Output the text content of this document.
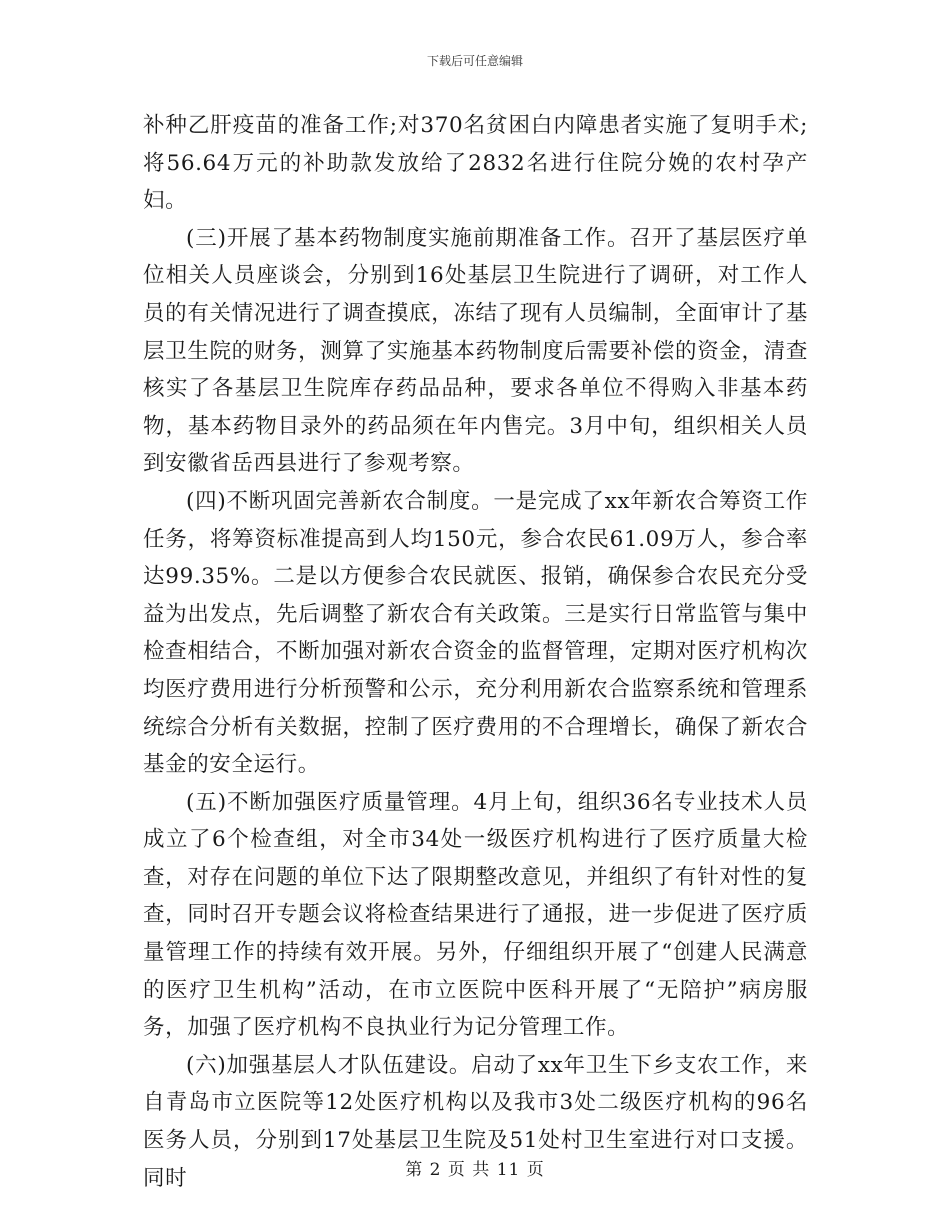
下载后可任意编辑

补种乙肝疫苗的准备工作;对370名贫困白内障患者实施了复明手术;将56.64万元的补助款发放给了2832名进行住院分娩的农村孕产妇。

(三)开展了基本药物制度实施前期准备工作。召开了基层医疗单位相关人员座谈会，分别到16处基层卫生院进行了调研，对工作人员的有关情况进行了调查摸底，冻结了现有人员编制，全面审计了基层卫生院的财务，测算了实施基本药物制度后需要补偿的资金，清查核实了各基层卫生院库存药品品种，要求各单位不得购入非基本药物，基本药物目录外的药品须在年内售完。3月中旬，组织相关人员到安徽省岳西县进行了参观考察。

(四)不断巩固完善新农合制度。一是完成了xx年新农合筹资工作任务，将筹资标准提高到人均150元，参合农民61.09万人，参合率达99.35%。二是以方便参合农民就医、报销，确保参合农民充分受益为出发点，先后调整了新农合有关政策。三是实行日常监管与集中检查相结合，不断加强对新农合资金的监督管理，定期对医疗机构次均医疗费用进行分析预警和公示，充分利用新农合监察系统和管理系统综合分析有关数据，控制了医疗费用的不合理增长，确保了新农合基金的安全运行。

(五)不断加强医疗质量管理。4月上旬，组织36名专业技术人员成立了6个检查组，对全市34处一级医疗机构进行了医疗质量大检查，对存在问题的单位下达了限期整改意见，并组织了有针对性的复查，同时召开专题会议将检查结果进行了通报，进一步促进了医疗质量管理工作的持续有效开展。另外，仔细组织开展了“创建人民满意的医疗卫生机构”活动，在市立医院中医科开展了“无陪护”病房服务，加强了医疗机构不良执业行为记分管理工作。

(六)加强基层人才队伍建设。启动了xx年卫生下乡支农工作，来自青岛市立医院等12处医疗机构以及我市3处二级医疗机构的96名医务人员，分别到17处基层卫生院及51处村卫生室进行对口支援。同时	第 2 页 共 11 页
